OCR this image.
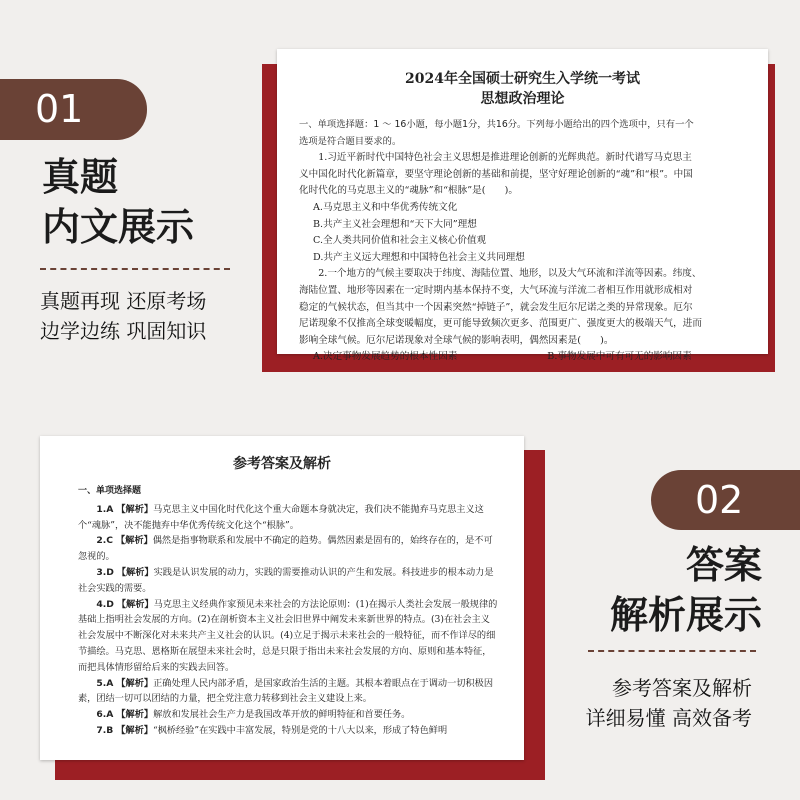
2024年全国硕士研究生入学统一考试
思想政治理论
一、单项选择题：1 ～ 16小题，每小题1分，共16分。下列每小题给出的四个选项中，只有一个
选项是符合题目要求的。

1.习近平新时代中国特色社会主义思想是推进理论创新的光辉典范。新时代谱写马克思主

义中国化时代化新篇章，要坚守理论创新的基础和前提，坚守好理论创新的“魂”和“根”。中国

化时代化的马克思主义的“魂脉”和“根脉”是(　　)。

A.马克思主义和中华优秀传统文化

B.共产主义社会理想和“天下大同”理想

C.全人类共同价值和社会主义核心价值观

D.共产主义远大理想和中国特色社会主义共同理想

2.一个地方的气候主要取决于纬度、海陆位置、地形，以及大气环流和洋流等因素。纬度、

海陆位置、地形等因素在一定时期内基本保持不变，大气环流与洋流二者相互作用就形成相对

稳定的气候状态，但当其中一个因素突然“掉链子”，就会发生厄尔尼诺之类的异常现象。厄尔

尼诺现象不仅推高全球变暖幅度，更可能导致频次更多、范围更广、强度更大的极端天气，进而

影响全球气候。厄尔尼诺现象对全球气候的影响表明，偶然因素是(　　)。

A.决定事物发展趋势的根本性因素	B.事物发展中可有可无的影响因素
01
真题
内文展示
真题再现 还原考场
边学边练 巩固知识
参考答案及解析
一、单项选择题

1.A 【解析】马克思主义中国化时代化这个重大命题本身就决定，我们决不能抛弃马克思主义这个“魂脉”，决不能抛弃中华优秀传统文化这个“根脉”。

2.C 【解析】偶然是指事物联系和发展中不确定的趋势。偶然因素是固有的，始终存在的，是不可忽视的。

3.D 【解析】实践是认识发展的动力，实践的需要推动认识的产生和发展。科技进步的根本动力是社会实践的需要。

4.D 【解析】马克思主义经典作家预见未来社会的方法论原则：(1)在揭示人类社会发展一般规律的基础上指明社会发展的方向。(2)在剖析资本主义社会旧世界中阐发未来新世界的特点。(3)在社会主义社会发展中不断深化对未来共产主义社会的认识。(4)立足于揭示未来社会的一般特征，而不作详尽的细节描绘。马克思、恩格斯在展望未来社会时，总是只限于指出未来社会发展的方向、原则和基本特征，而把具体情形留给后来的实践去回答。

5.A 【解析】正确处理人民内部矛盾，是国家政治生活的主题。其根本着眼点在于调动一切积极因素，团结一切可以团结的力量，把全党注意力转移到社会主义建设上来。

6.A 【解析】解放和发展社会生产力是我国改革开放的鲜明特征和首要任务。

7.B 【解析】“枫桥经验”在实践中丰富发展，特别是党的十八大以来，形成了特色鲜明

02
答案
解析展示
参考答案及解析
详细易懂 高效备考
